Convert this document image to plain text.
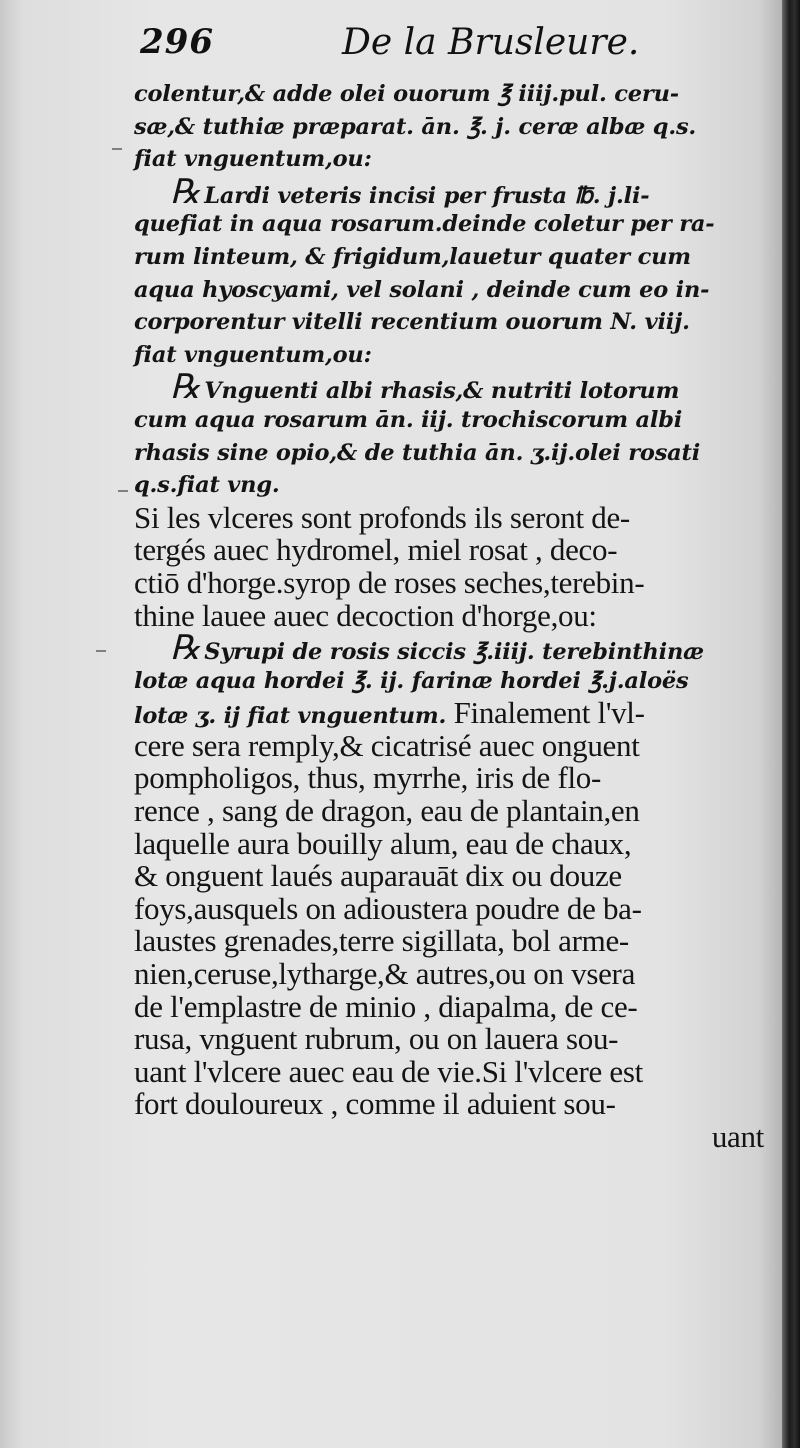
296	De la Brusleure.
colentur,& adde olei ouorum ℥ iiij.pul. ceru-
sæ,& tuthiæ præparat. ān. ℥. j. ceræ albæ q.s.
fiat vnguentum,ou:
℞ Lardi veteris incisi per frusta ℔. j.li-
quefiat in aqua rosarum.deinde coletur per ra-
rum linteum, & frigidum,lauetur quater cum
aqua hyoscyami, vel solani , deinde cum eo in-
corporentur vitelli recentium ouorum N. viij.
fiat vnguentum,ou:
℞ Vnguenti albi rhasis,& nutriti lotorum
cum aqua rosarum ān. iij. trochiscorum albi
rhasis sine opio,& de tuthia ān. ʒ.ij.olei rosati
q.s.fiat vng.
Si les vlceres sont profonds ils seront de-
tergés auec hydromel, miel rosat , deco-
ctiō d'horge.syrop de roses seches,terebin-
thine lauee auec decoction d'horge,ou:
℞ Syrupi de rosis siccis ℥.iiij. terebinthinæ
lotæ aqua hordei ℥. ij. farinæ hordei ℥.j.aloës
lotæ ʒ. ij fiat vnguentum. Finalement l'vl-
cere sera remply,& cicatrisé auec onguent
pompholigos, thus, myrrhe, iris de flo-
rence , sang de dragon, eau de plantain,en
laquelle aura bouilly alum, eau de chaux,
& onguent laués auparauāt dix ou douze
foys,ausquels on adioustera poudre de ba-
laustes grenades,terre sigillata, bol arme-
nien,ceruse,lytharge,& autres,ou on vsera
de l'emplastre de minio , diapalma, de ce-
rusa, vnguent rubrum, ou on lauera sou-
uant l'vlcere auec eau de vie.Si l'vlcere est
fort douloureux , comme il aduient sou-
uant
